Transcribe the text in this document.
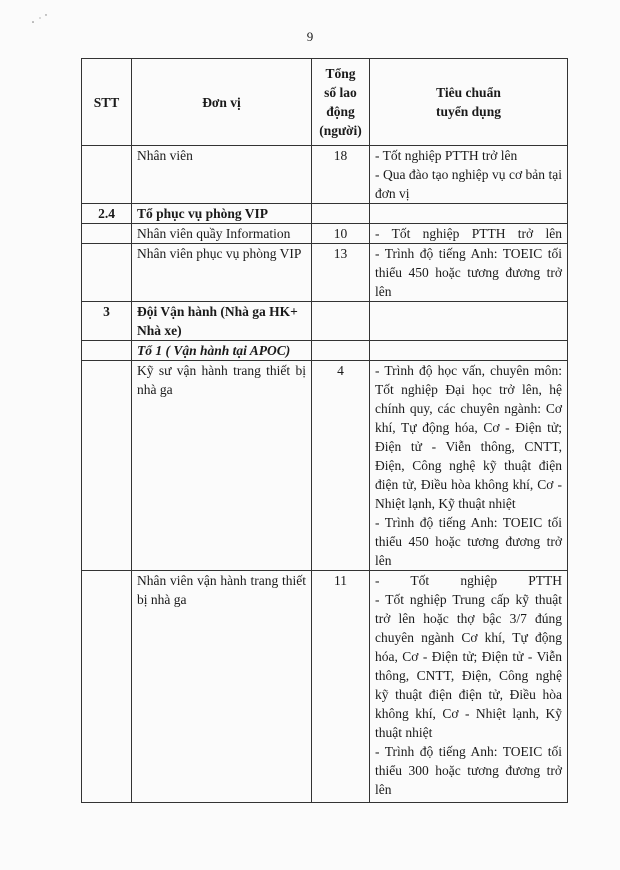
9
STT	Đơn vị	Tổng
số lao
động
(người)	Tiêu chuẩn
tuyển dụng

	Nhân viên	18	- Tốt nghiệp PTTH trở lên
- Qua đào tạo nghiệp vụ cơ bản tại đơn vị

2.4	Tổ phục vụ phòng VIP		
	Nhân viên quầy Information	10	- Tốt nghiệp PTTH trở lên
	Nhân viên phục vụ phòng VIP	13	- Trình độ tiếng Anh: TOEIC tối thiểu 450 hoặc tương đương trở lên
3	Đội Vận hành (Nhà ga HK+ Nhà xe)		
	Tổ 1 ( Vận hành tại APOC)		
	Kỹ sư vận hành trang thiết bị nhà ga	4	- Trình độ học vấn, chuyên môn: Tốt nghiệp Đại học trở lên, hệ chính quy, các chuyên ngành: Cơ khí, Tự động hóa, Cơ - Điện tử; Điện tử - Viễn thông, CNTT, Điện, Công nghệ kỹ thuật điện điện tử, Điều hòa không khí, Cơ - Nhiệt lạnh, Kỹ thuật nhiệt
- Trình độ tiếng Anh: TOEIC tối thiểu 450 hoặc tương đương trở lên

	Nhân viên vận hành trang thiết bị nhà ga	11	- Tốt nghiệp PTTH
- Tốt nghiệp Trung cấp kỹ thuật trở lên hoặc thợ bậc 3/7 đúng chuyên ngành Cơ khí, Tự động hóa, Cơ - Điện tử; Điện tử - Viễn thông, CNTT, Điện, Công nghệ kỹ thuật điện điện tử, Điều hòa không khí, Cơ - Nhiệt lạnh, Kỹ thuật nhiệt
- Trình độ tiếng Anh: TOEIC tối thiểu 300 hoặc tương đương trở lên
